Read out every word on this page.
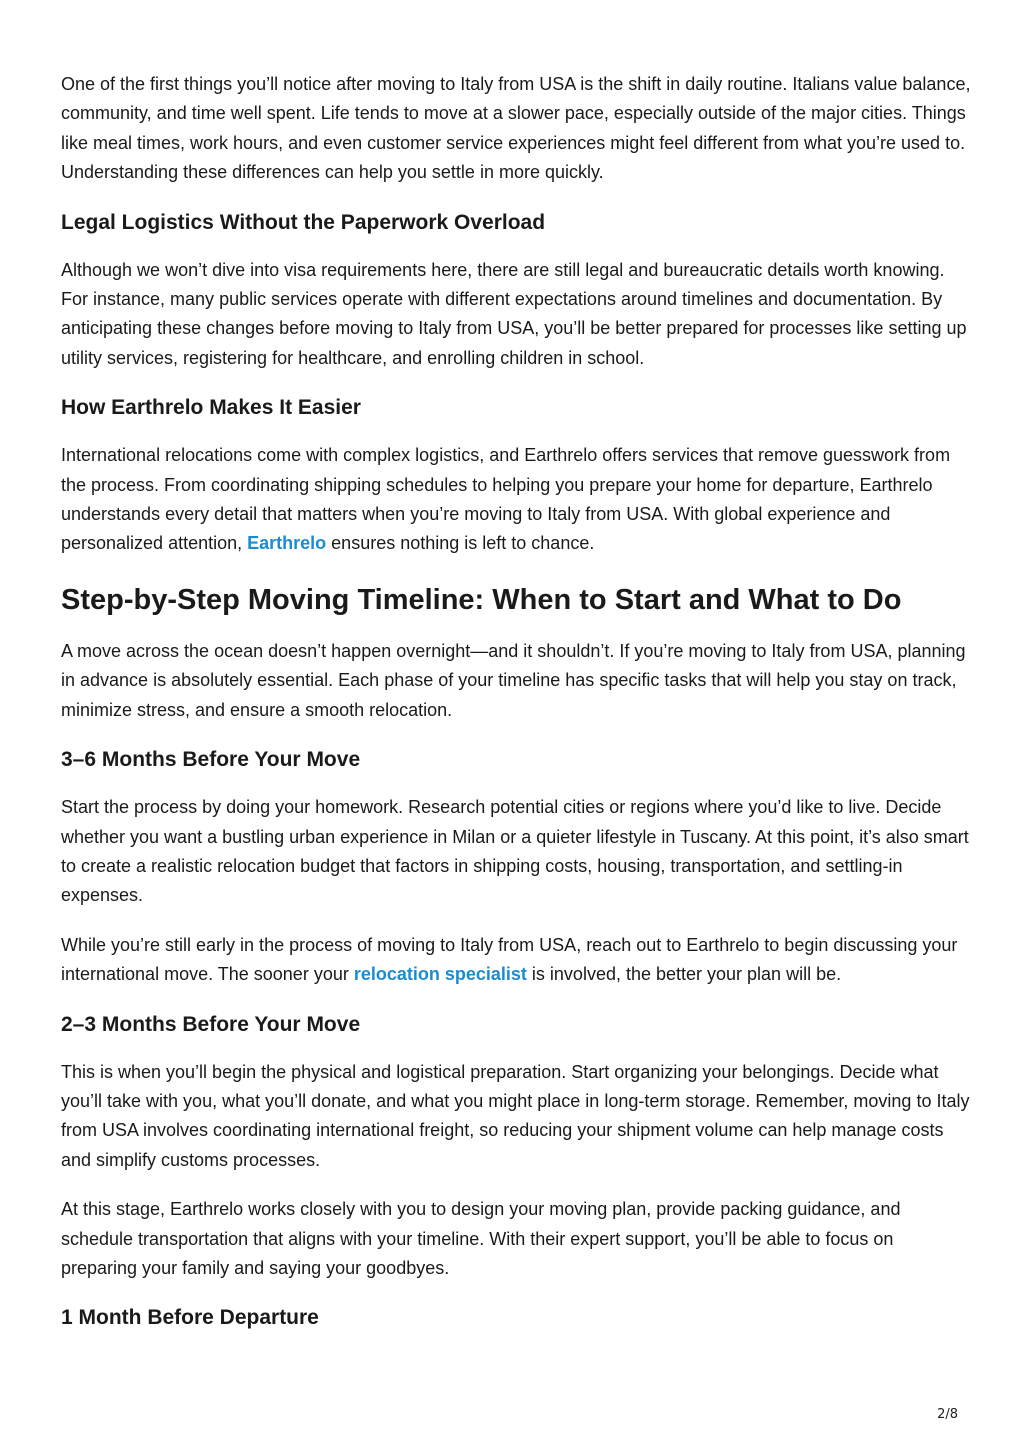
One of the first things you’ll notice after moving to Italy from USA is the shift in daily routine. Italians value balance, community, and time well spent. Life tends to move at a slower pace, especially outside of the major cities. Things like meal times, work hours, and even customer service experiences might feel different from what you’re used to. Understanding these differences can help you settle in more quickly.

Legal Logistics Without the Paperwork Overload

Although we won’t dive into visa requirements here, there are still legal and bureaucratic details worth knowing. For instance, many public services operate with different expectations around timelines and documentation. By anticipating these changes before moving to Italy from USA, you’ll be better prepared for processes like setting up utility services, registering for healthcare, and enrolling children in school.

How Earthrelo Makes It Easier

International relocations come with complex logistics, and Earthrelo offers services that remove guesswork from the process. From coordinating shipping schedules to helping you prepare your home for departure, Earthrelo understands every detail that matters when you’re moving to Italy from USA. With global experience and personalized attention, Earthrelo ensures nothing is left to chance.

Step-by-Step Moving Timeline: When to Start and What to Do

A move across the ocean doesn’t happen overnight—and it shouldn’t. If you’re moving to Italy from USA, planning in advance is absolutely essential. Each phase of your timeline has specific tasks that will help you stay on track, minimize stress, and ensure a smooth relocation.

3–6 Months Before Your Move

Start the process by doing your homework. Research potential cities or regions where you’d like to live. Decide whether you want a bustling urban experience in Milan or a quieter lifestyle in Tuscany. At this point, it’s also smart to create a realistic relocation budget that factors in shipping costs, housing, transportation, and settling-in expenses.

While you’re still early in the process of moving to Italy from USA, reach out to Earthrelo to begin discussing your international move. The sooner your relocation specialist is involved, the better your plan will be.

2–3 Months Before Your Move

This is when you’ll begin the physical and logistical preparation. Start organizing your belongings. Decide what you’ll take with you, what you’ll donate, and what you might place in long-term storage. Remember, moving to Italy from USA involves coordinating international freight, so reducing your shipment volume can help manage costs and simplify customs processes.

At this stage, Earthrelo works closely with you to design your moving plan, provide packing guidance, and schedule transportation that aligns with your timeline. With their expert support, you’ll be able to focus on preparing your family and saying your goodbyes.

1 Month Before Departure
2/8
